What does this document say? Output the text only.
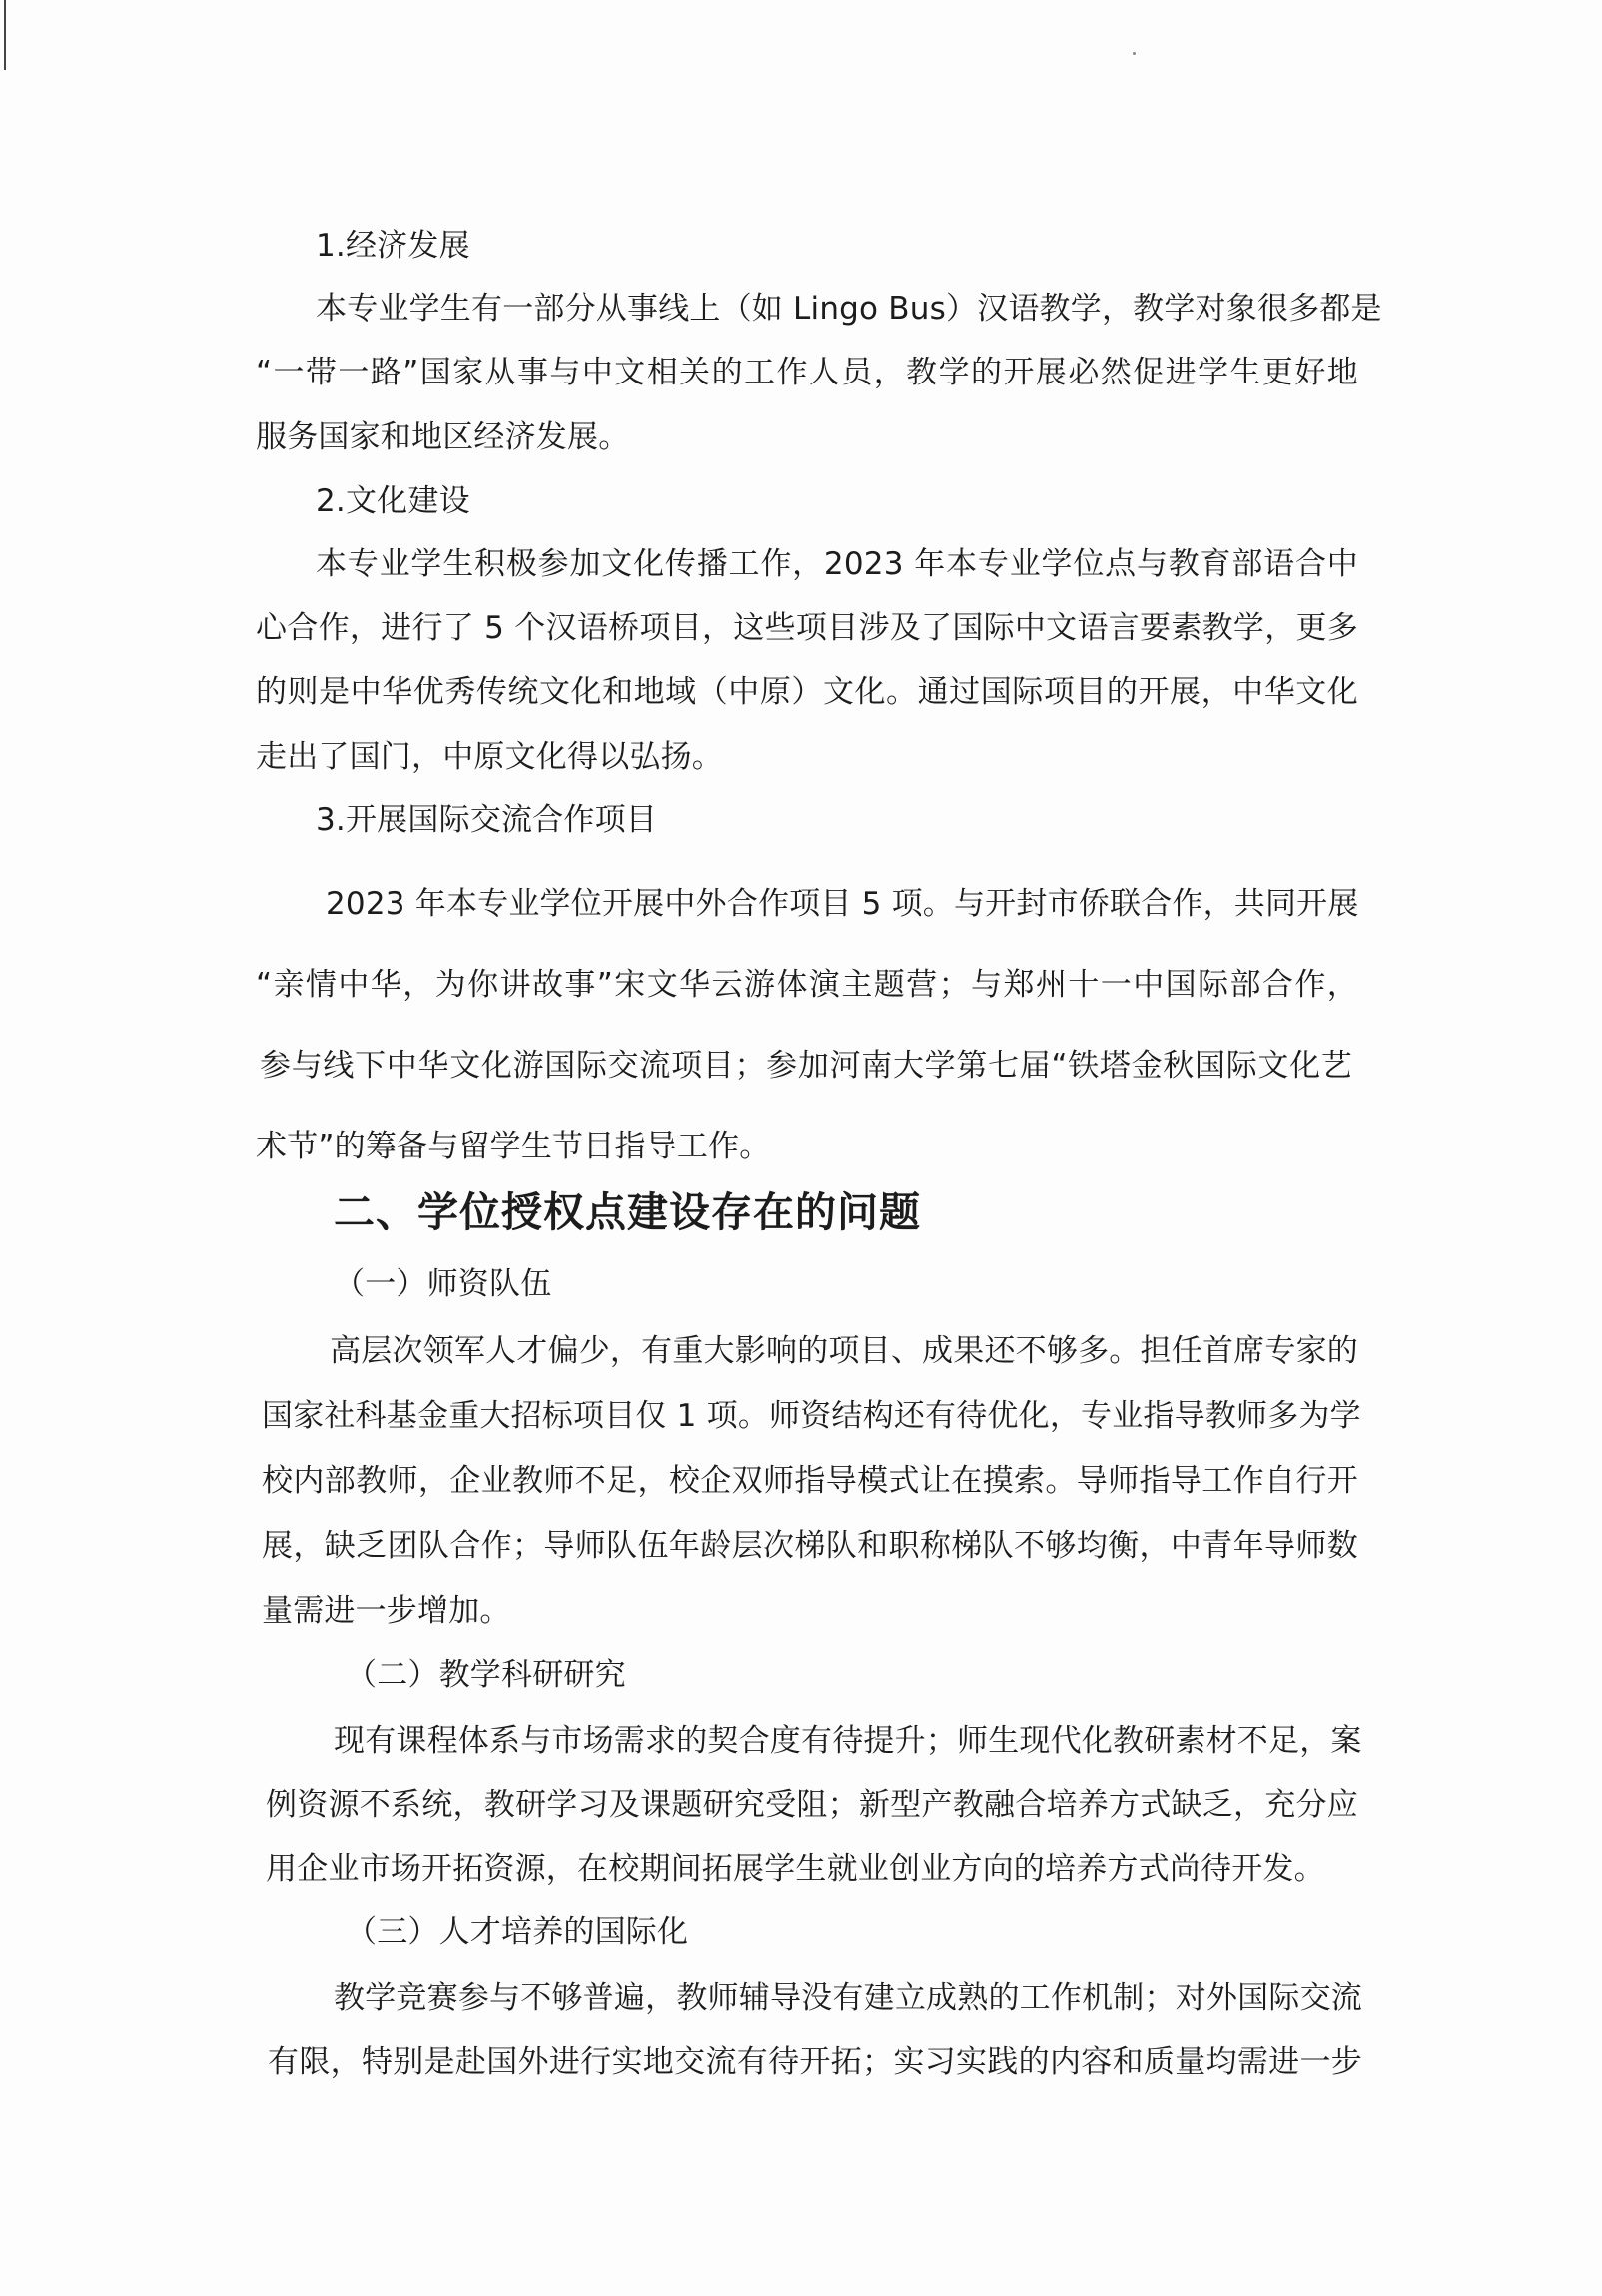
1.经济发展
本专业学生有一部分从事线上（如 Lingo Bus）汉语教学，教学对象很多都是
“一带一路”国家从事与中文相关的工作人员，教学的开展必然促进学生更好地
服务国家和地区经济发展。
2.文化建设
本专业学生积极参加文化传播工作，2023 年本专业学位点与教育部语合中
心合作，进行了 5 个汉语桥项目，这些项目涉及了国际中文语言要素教学，更多
的则是中华优秀传统文化和地域（中原）文化。通过国际项目的开展，中华文化
走出了国门，中原文化得以弘扬。
3.开展国际交流合作项目
2023 年本专业学位开展中外合作项目 5 项。与开封市侨联合作，共同开展
“亲情中华，为你讲故事”宋文华云游体演主题营；与郑州十一中国际部合作，
参与线下中华文化游国际交流项目；参加河南大学第七届“铁塔金秋国际文化艺
术节”的筹备与留学生节目指导工作。
二、学位授权点建设存在的问题
（一）师资队伍
高层次领军人才偏少，有重大影响的项目、成果还不够多。担任首席专家的
国家社科基金重大招标项目仅 1 项。师资结构还有待优化，专业指导教师多为学
校内部教师，企业教师不足，校企双师指导模式让在摸索。导师指导工作自行开
展，缺乏团队合作；导师队伍年龄层次梯队和职称梯队不够均衡，中青年导师数
量需进一步增加。
（二）教学科研研究
现有课程体系与市场需求的契合度有待提升；师生现代化教研素材不足，案
例资源不系统，教研学习及课题研究受阻；新型产教融合培养方式缺乏，充分应
用企业市场开拓资源，在校期间拓展学生就业创业方向的培养方式尚待开发。
（三）人才培养的国际化
教学竞赛参与不够普遍，教师辅导没有建立成熟的工作机制；对外国际交流
有限，特别是赴国外进行实地交流有待开拓；实习实践的内容和质量均需进一步
